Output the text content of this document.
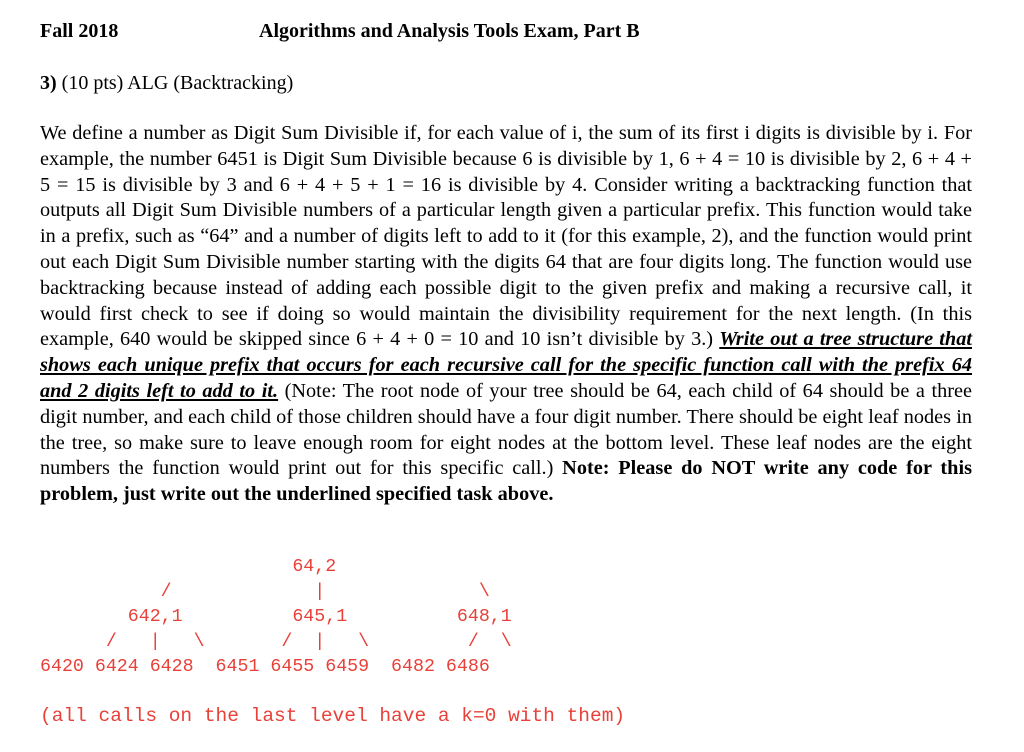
Fall 2018	Algorithms and Analysis Tools Exam, Part B
3) (10 pts) ALG (Backtracking)
We define a number as Digit Sum Divisible if, for each value of i, the sum of its first i digits is divisible by i. For example, the number 6451 is Digit Sum Divisible because 6 is divisible by 1, 6 + 4 = 10 is divisible by 2, 6 + 4 + 5 = 15 is divisible by 3 and 6 + 4 + 5 + 1 = 16 is divisible by 4. Consider writing a backtracking function that outputs all Digit Sum Divisible numbers of a particular length given a particular prefix. This function would take in a prefix, such as “64” and a number of digits left to add to it (for this example, 2), and the function would print out each Digit Sum Divisible number starting with the digits 64 that are four digits long. The function would use backtracking because instead of adding each possible digit to the given prefix and making a recursive call, it would first check to see if doing so would maintain the divisibility requirement for the next length. (In this example, 640 would be skipped since 6 + 4 + 0 = 10 and 10 isn’t divisible by 3.) Write out a tree structure that shows each unique prefix that occurs for each recursive call for the specific function call with the prefix 64 and 2 digits left to add to it. (Note: The root node of your tree should be 64, each child of 64 should be a three digit number, and each child of those children should have a four digit number. There should be eight leaf nodes in the tree, so make sure to leave enough room for eight nodes at the bottom level. These leaf nodes are the eight numbers the function would print out for this specific call.) Note: Please do NOT write any code for this problem, just write out the underlined specified task above.
64,2
/             |              \
642,1          645,1          648,1
/   |   \       /  |   \         /  \
6420 6424 6428  6451 6455 6459  6482 6486
(all calls on the last level have a k=0 with them)
